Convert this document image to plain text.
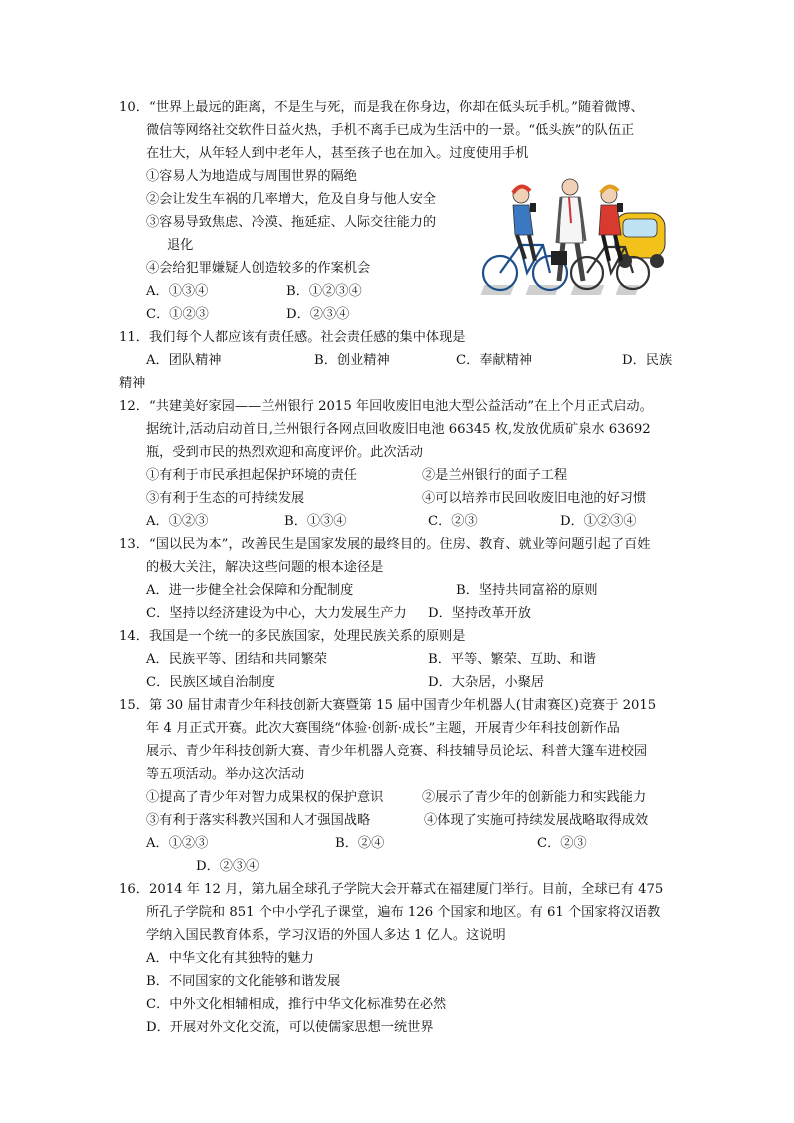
10．“世界上最远的距离，不是生与死，而是我在你身边，你却在低头玩手机。”随着微博、
微信等网络社交软件日益火热，手机不离手已成为生活中的一景。“低头族”的队伍正
在壮大，从年轻人到中老年人，甚至孩子也在加入。过度使用手机
①容易人为地造成与周围世界的隔绝
②会让发生车祸的几率增大，危及自身与他人安全
③容易导致焦虑、冷漠、拖延症、人际交往能力的
退化
④会给犯罪嫌疑人创造较多的作案机会
A．①③④	B．①②③④
C．①②③	D．②③④
11．我们每个人都应该有责任感。社会责任感的集中体现是
A．团队精神	B．创业精神	C．奉献精神	D．民族
精神
12．“共建美好家园——兰州银行 2015 年回收废旧电池大型公益活动”在上个月正式启动。
据统计,活动启动首日,兰州银行各网点回收废旧电池 66345 枚,发放优质矿泉水 63692
瓶，受到市民的热烈欢迎和高度评价。此次活动
①有利于市民承担起保护环境的责任	②是兰州银行的面子工程
③有利于生态的可持续发展	④可以培养市民回收废旧电池的好习惯
A．①②③	B．①③④	C．②③	D．①②③④
13．“国以民为本”，改善民生是国家发展的最终目的。住房、教育、就业等问题引起了百姓
的极大关注，解决这些问题的根本途径是
A．进一步健全社会保障和分配制度	B．坚持共同富裕的原则
C．坚持以经济建设为中心，大力发展生产力 D．坚持改革开放
14．我国是一个统一的多民族国家，处理民族关系的原则是
A．民族平等、团结和共同繁荣	B．平等、繁荣、互助、和谐
C．民族区域自治制度	D．大杂居，小聚居
15．第 30 届甘肃青少年科技创新大赛暨第 15 届中国青少年机器人(甘肃赛区)竞赛于 2015
年 4 月正式开赛。此次大赛围绕“体验·创新·成长”主题，开展青少年科技创新作品
展示、青少年科技创新大赛、青少年机器人竞赛、科技辅导员论坛、科普大篷车进校园
等五项活动。举办这次活动
①提高了青少年对智力成果权的保护意识	②展示了青少年的创新能力和实践能力
③有利于落实科教兴国和人才强国战略	④体现了实施可持续发展战略取得成效
A．①②③	B．②④	C．②③
D．②③④
16．2014 年 12 月，第九届全球孔子学院大会开幕式在福建厦门举行。目前，全球已有 475
所孔子学院和 851 个中小学孔子课堂，遍布 126 个国家和地区。有 61 个国家将汉语教
学纳入国民教育体系，学习汉语的外国人多达 1 亿人。这说明
A．中华文化有其独特的魅力
B．不同国家的文化能够和谐发展
C．中外文化相辅相成，推行中华文化标准势在必然
D．开展对外文化交流，可以使儒家思想一统世界
